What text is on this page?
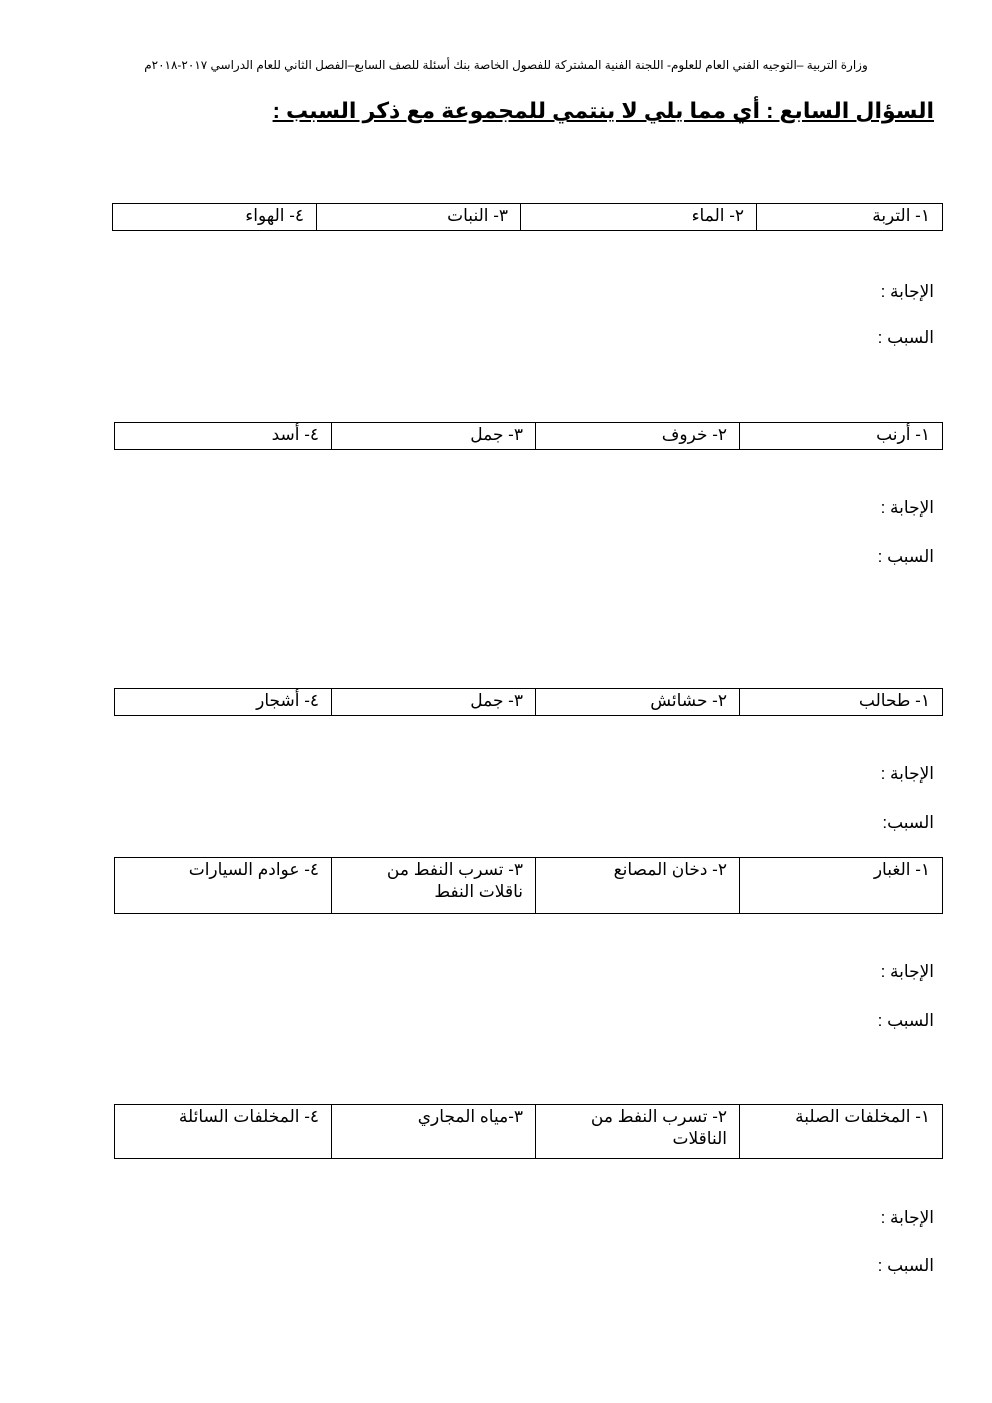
وزارة التربية –التوجيه الفني العام للعلوم- اللجنة الفنية المشتركة للفصول الخاصة بنك أسئلة للصف السابع–الفصل الثاني للعام الدراسي ٢٠١٧-٢٠١٨م
السؤال السابع : أي مما يلي لا ينتمي للمجموعة مع ذكر السبب :
١- التربة	٢- الماء	٣- النبات	٤- الهواء
الإجابة :
السبب :
١- أرنب	٢- خروف	٣- جمل	٤- أسد
الإجابة :
السبب :
١- طحالب	٢- حشائش	٣- جمل	٤- أشجار
الإجابة :
السبب:
١- الغبار	٢- دخان المصانع	٣- تسرب النفط من ناقلات النفط	٤- عوادم السيارات
الإجابة :
السبب :
١- المخلفات الصلبة	٢- تسرب النفط من الناقلات	٣-مياه المجاري	٤- المخلفات السائلة
الإجابة :
السبب :
